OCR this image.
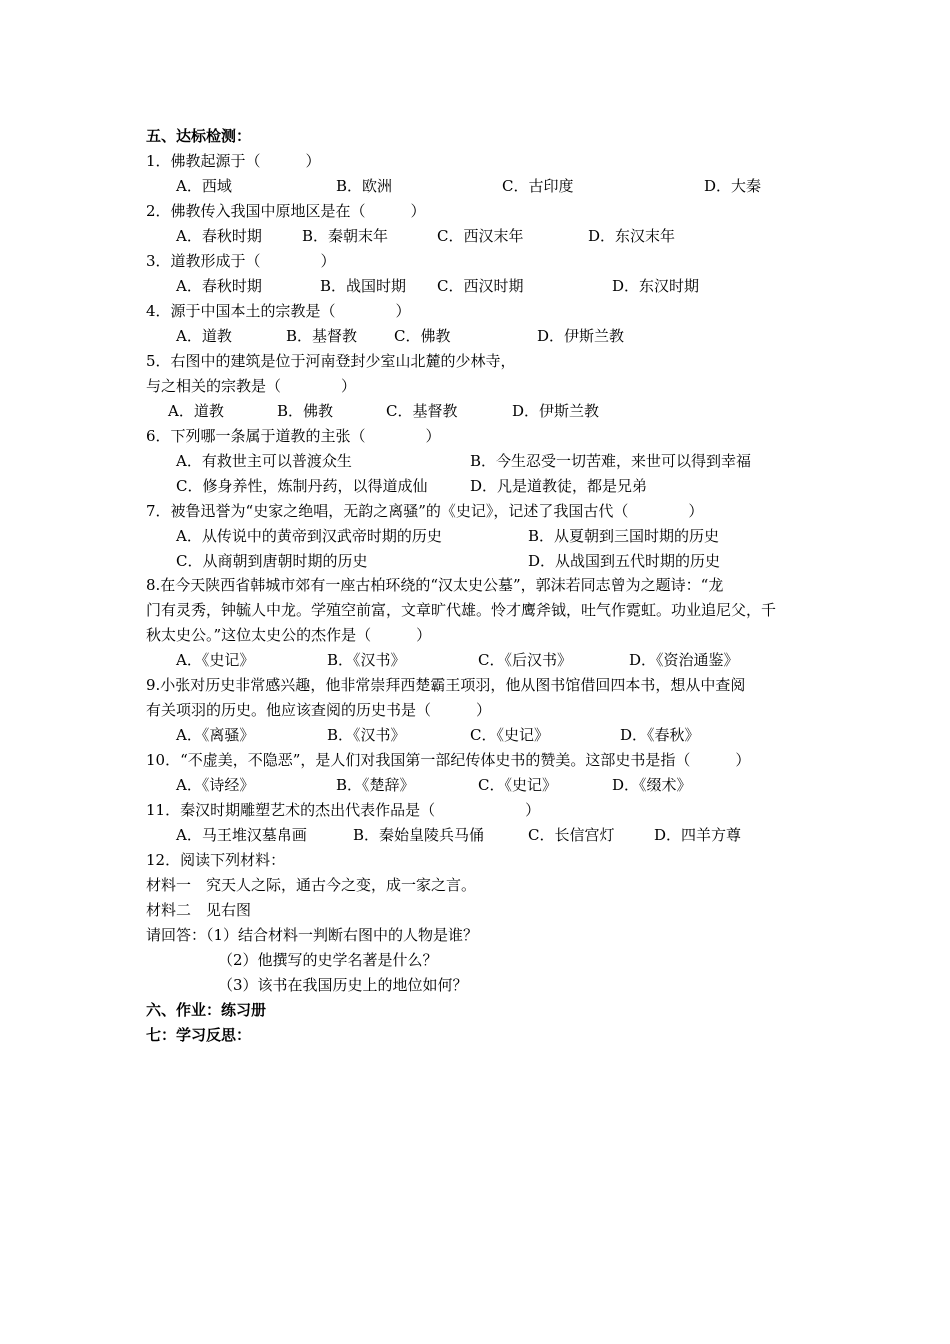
五、达标检测：
1．佛教起源于（　　　）
A．西域	B．欧洲	C．古印度	D．大秦
2．佛教传入我国中原地区是在（　　　）
A．春秋时期	B．秦朝末年	C．西汉末年	D．东汉末年
3．道教形成于（　　　　）
A．春秋时期	B．战国时期 C．西汉时期	D．东汉时期
4．源于中国本土的宗教是（　　　　）
A．道教	B．基督教 C．佛教	D．伊斯兰教
5．右图中的建筑是位于河南登封少室山北麓的少林寺，
与之相关的宗教是（　　　　）
A．道教	B．佛教	C．基督教	D．伊斯兰教
6．下列哪一条属于道教的主张（　　　　）
A．有救世主可以普渡众生	B．今生忍受一切苦难，来世可以得到幸福
C．修身养性，炼制丹药，以得道成仙	D．凡是道教徒，都是兄弟
7．被鲁迅誉为“史家之绝唱，无韵之离骚”的《史记》，记述了我国古代（　　　　）
A．从传说中的黄帝到汉武帝时期的历史	B．从夏朝到三国时期的历史
C．从商朝到唐朝时期的历史	D．从战国到五代时期的历史
8.在今天陕西省韩城市郊有一座古柏环绕的“汉太史公墓”，郭沫若同志曾为之题诗：“龙
门有灵秀，钟毓人中龙。学殖空前富，文章旷代雄。怜才鹰斧钺，吐气作霓虹。功业追尼父，千
秋太史公。”这位太史公的杰作是（　　　）
A．《史记》	B．《汉书》	C．《后汉书》	D．《资治通鉴》
9.小张对历史非常感兴趣，他非常崇拜西楚霸王项羽，他从图书馆借回四本书，想从中查阅
有关项羽的历史。他应该查阅的历史书是（　　　）
A．《离骚》	B．《汉书》	C．《史记》	D．《春秋》
10．“不虚美，不隐恶”，是人们对我国第一部纪传体史书的赞美。这部史书是指（　　　）
A．《诗经》	B．《楚辞》	C．《史记》	D．《缀术》
11．秦汉时期雕塑艺术的杰出代表作品是（　　　　　　）
A．马王堆汉墓帛画	B．秦始皇陵兵马俑	C．长信宫灯	D．四羊方尊
12．阅读下列材料：
材料一　究天人之际，通古今之变，成一家之言。
材料二　见右图
请回答：（1）结合材料一判断右图中的人物是谁？
（2）他撰写的史学名著是什么？
（3）该书在我国历史上的地位如何？
六、作业：练习册
七：学习反思：
